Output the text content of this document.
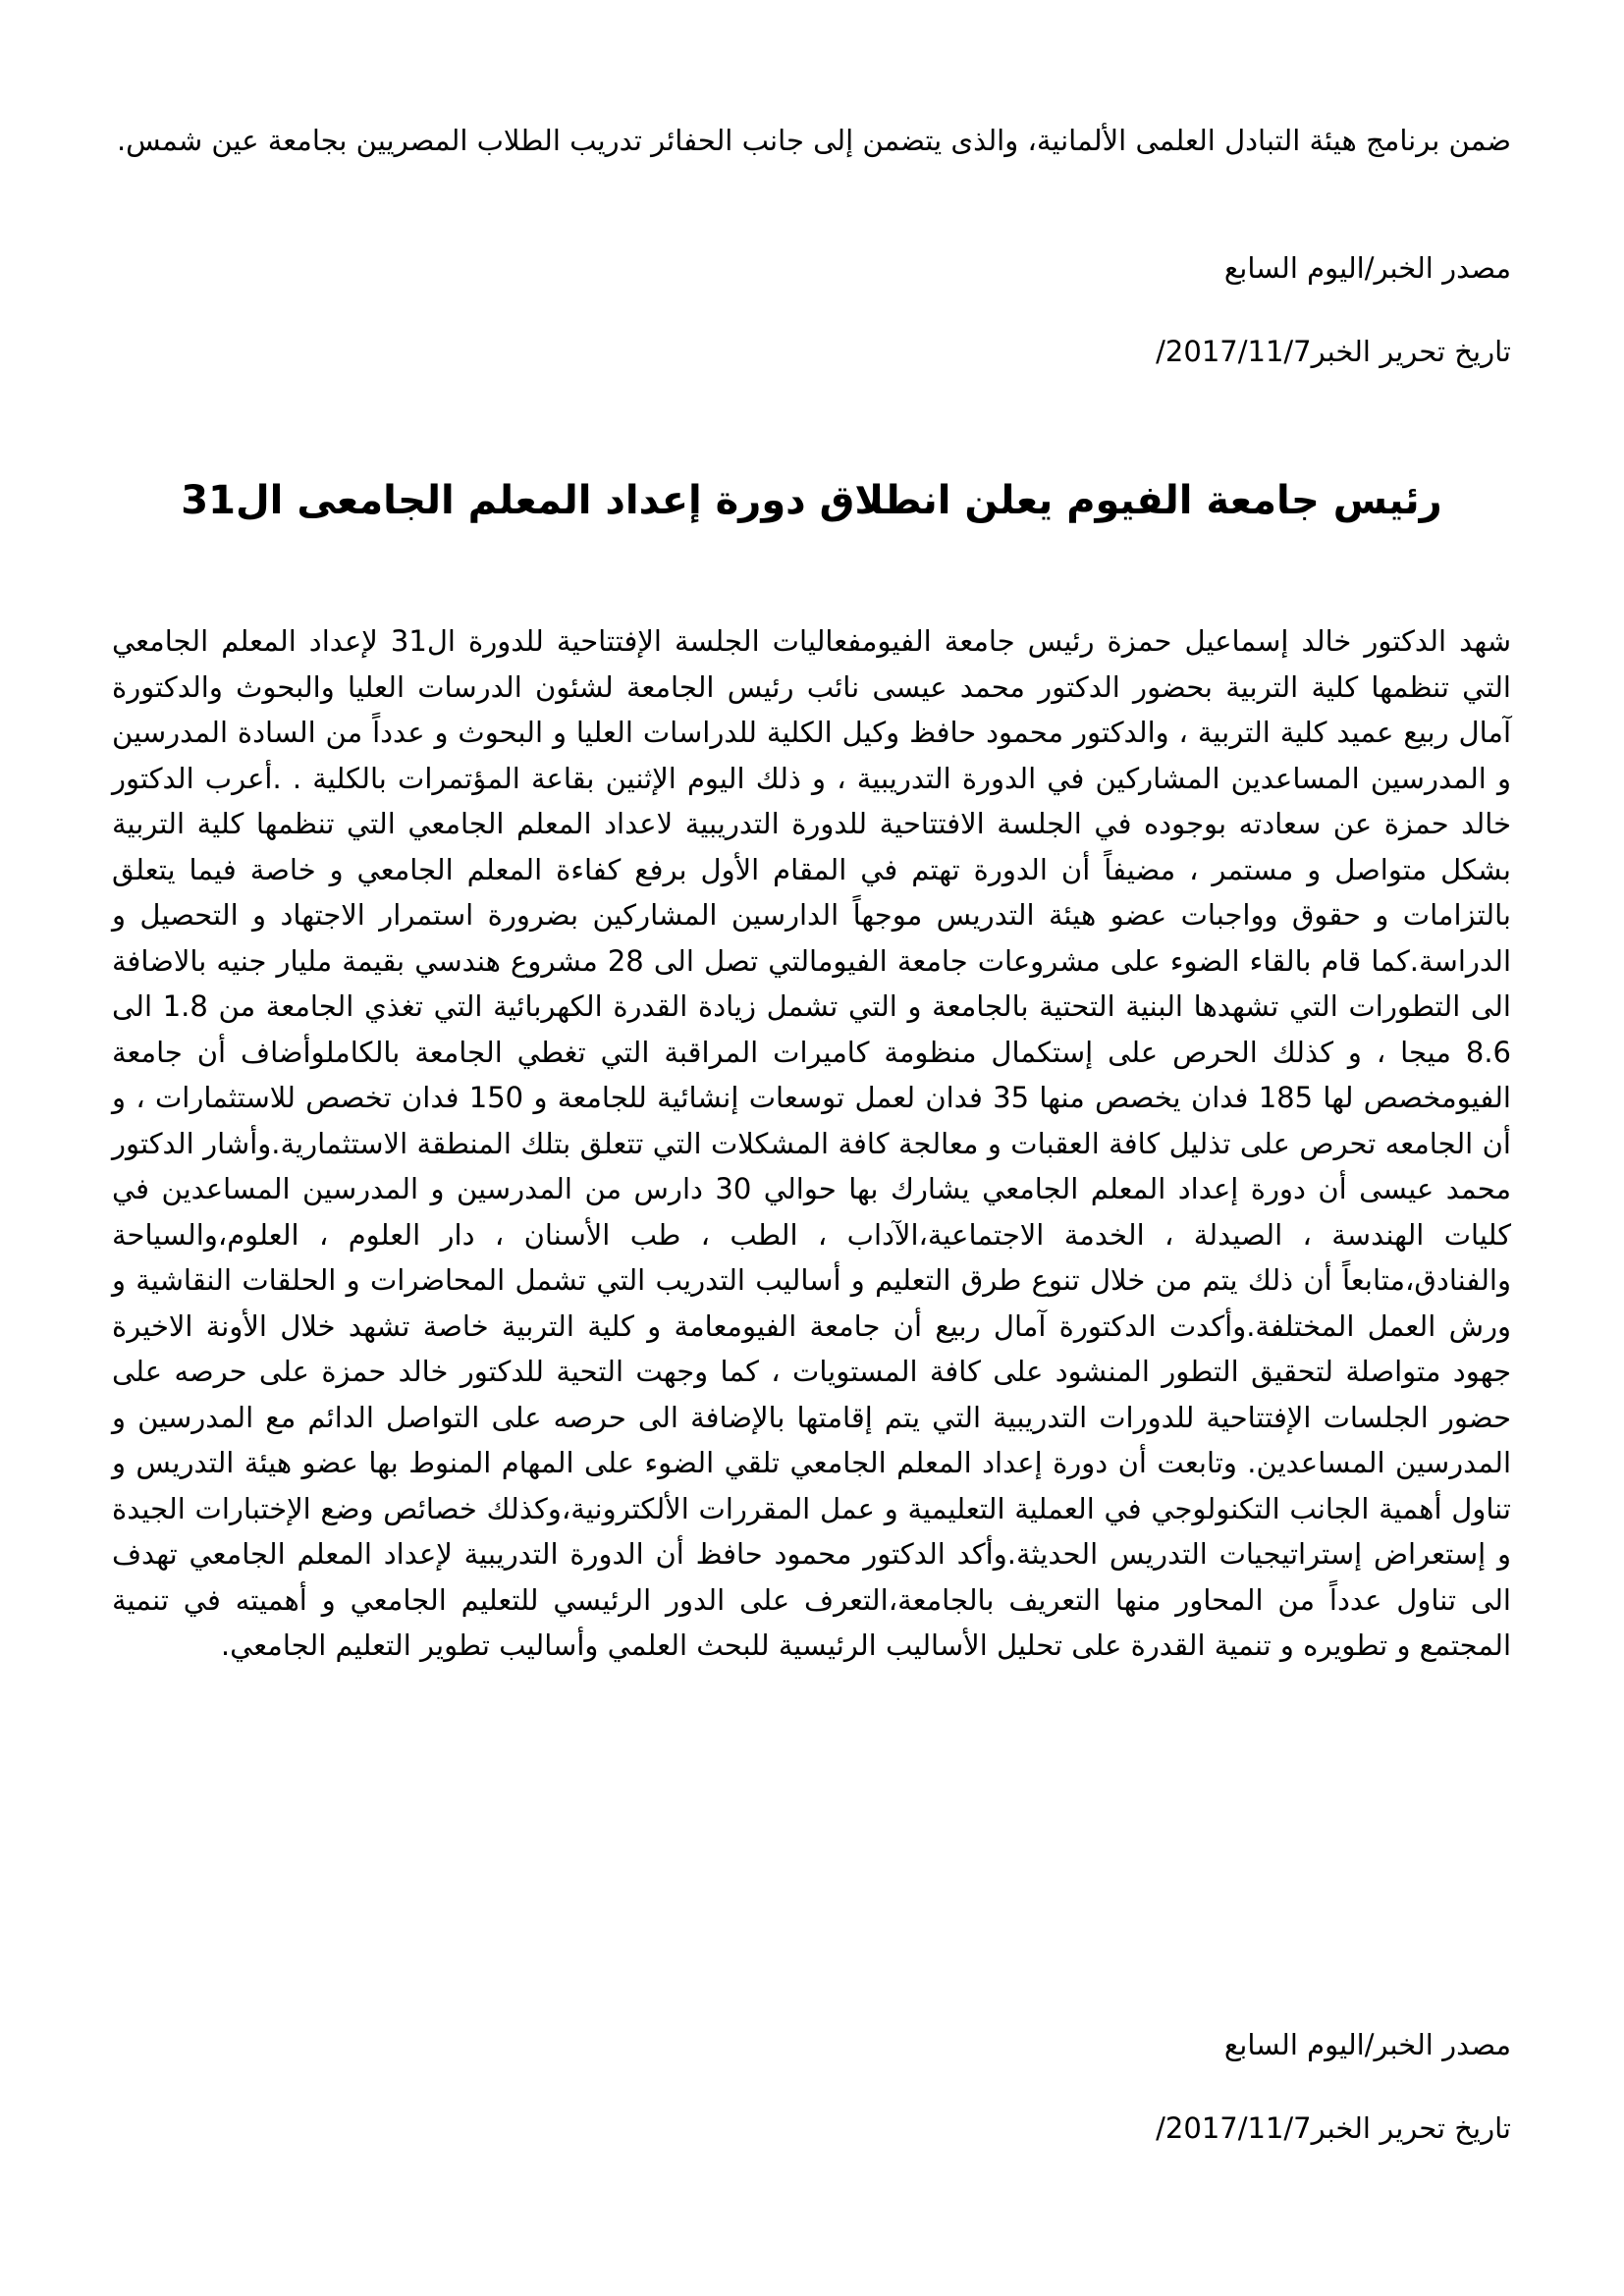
ضمن برنامج هيئة التبادل العلمى الألمانية، والذى يتضمن إلى جانب الحفائر تدريب الطلاب المصريين بجامعة عين شمس.

مصدر الخبر/اليوم السابع

تاريخ تحرير الخبر2017/11/7/

رئيس جامعة الفيوم يعلن انطلاق دورة إعداد المعلم الجامعى ال31

شهد الدكتور خالد إسماعيل حمزة رئيس جامعة الفيومفعاليات الجلسة الإفتتاحية للدورة ال31 لإعداد المعلم الجامعي التي تنظمها كلية التربية بحضور الدكتور محمد عيسى نائب رئيس الجامعة لشئون الدرسات العليا والبحوث والدكتورة آمال ربيع عميد كلية التربية ، والدكتور محمود حافظ وكيل الكلية للدراسات العليا و البحوث و عدداً من السادة المدرسين و المدرسين المساعدين المشاركين في الدورة التدريبية ، و ذلك اليوم الإثنين بقاعة المؤتمرات بالكلية . .أعرب الدكتور خالد حمزة عن سعادته بوجوده في الجلسة الافتتاحية للدورة التدريبية لاعداد المعلم الجامعي التي تنظمها كلية التربية بشكل متواصل و مستمر ، مضيفاً أن الدورة تهتم في المقام الأول برفع كفاءة المعلم الجامعي و خاصة فيما يتعلق بالتزامات و حقوق وواجبات عضو هيئة التدريس موجهاً الدارسين المشاركين بضرورة استمرار الاجتهاد و التحصيل و الدراسة.كما قام بالقاء الضوء على مشروعات جامعة الفيومالتي تصل الى 28 مشروع هندسي بقيمة مليار جنيه بالاضافة الى التطورات التي تشهدها البنية التحتية بالجامعة و التي تشمل زيادة القدرة الكهربائية التي تغذي الجامعة من 1.8 الى 8.6 ميجا ، و كذلك الحرص على إستكمال منظومة كاميرات المراقبة التي تغطي الجامعة بالكاملوأضاف أن جامعة الفيومخصص لها 185 فدان يخصص منها 35 فدان لعمل توسعات إنشائية للجامعة و 150 فدان تخصص للاستثمارات ، و أن الجامعه تحرص على تذليل كافة العقبات و معالجة كافة المشكلات التي تتعلق بتلك المنطقة الاستثمارية.وأشار الدكتور محمد عيسى أن دورة إعداد المعلم الجامعي يشارك بها حوالي 30 دارس من المدرسين و المدرسين المساعدين في كليات الهندسة ، الصيدلة ، الخدمة الاجتماعية،الآداب ، الطب ، طب الأسنان ، دار العلوم ، العلوم،والسياحة والفنادق،متابعاً أن ذلك يتم من خلال تنوع طرق التعليم و أساليب التدريب التي تشمل المحاضرات و الحلقات النقاشية و ورش العمل المختلفة.وأكدت الدكتورة آمال ربيع أن جامعة الفيومعامة و كلية التربية خاصة تشهد خلال الأونة الاخيرة جهود متواصلة لتحقيق التطور المنشود على كافة المستويات ، كما وجهت التحية للدكتور خالد حمزة على حرصه على حضور الجلسات الإفتتاحية للدورات التدريبية التي يتم إقامتها بالإضافة الى حرصه على التواصل الدائم مع المدرسين و المدرسين المساعدين. وتابعت أن دورة إعداد المعلم الجامعي تلقي الضوء على المهام المنوط بها عضو هيئة التدريس و تناول أهمية الجانب التكنولوجي في العملية التعليمية و عمل المقررات الألكترونية،وكذلك خصائص وضع الإختبارات الجيدة و إستعراض إستراتيجيات التدريس الحديثة.وأكد الدكتور محمود حافظ أن الدورة التدريبية لإعداد المعلم الجامعي تهدف الى تناول عدداً من المحاور منها التعريف بالجامعة،التعرف على الدور الرئيسي للتعليم الجامعي و أهميته في تنمية المجتمع و تطويره و تنمية القدرة على تحليل الأساليب الرئيسية للبحث العلمي وأساليب تطوير التعليم الجامعي.

مصدر الخبر/اليوم السابع

تاريخ تحرير الخبر2017/11/7/
